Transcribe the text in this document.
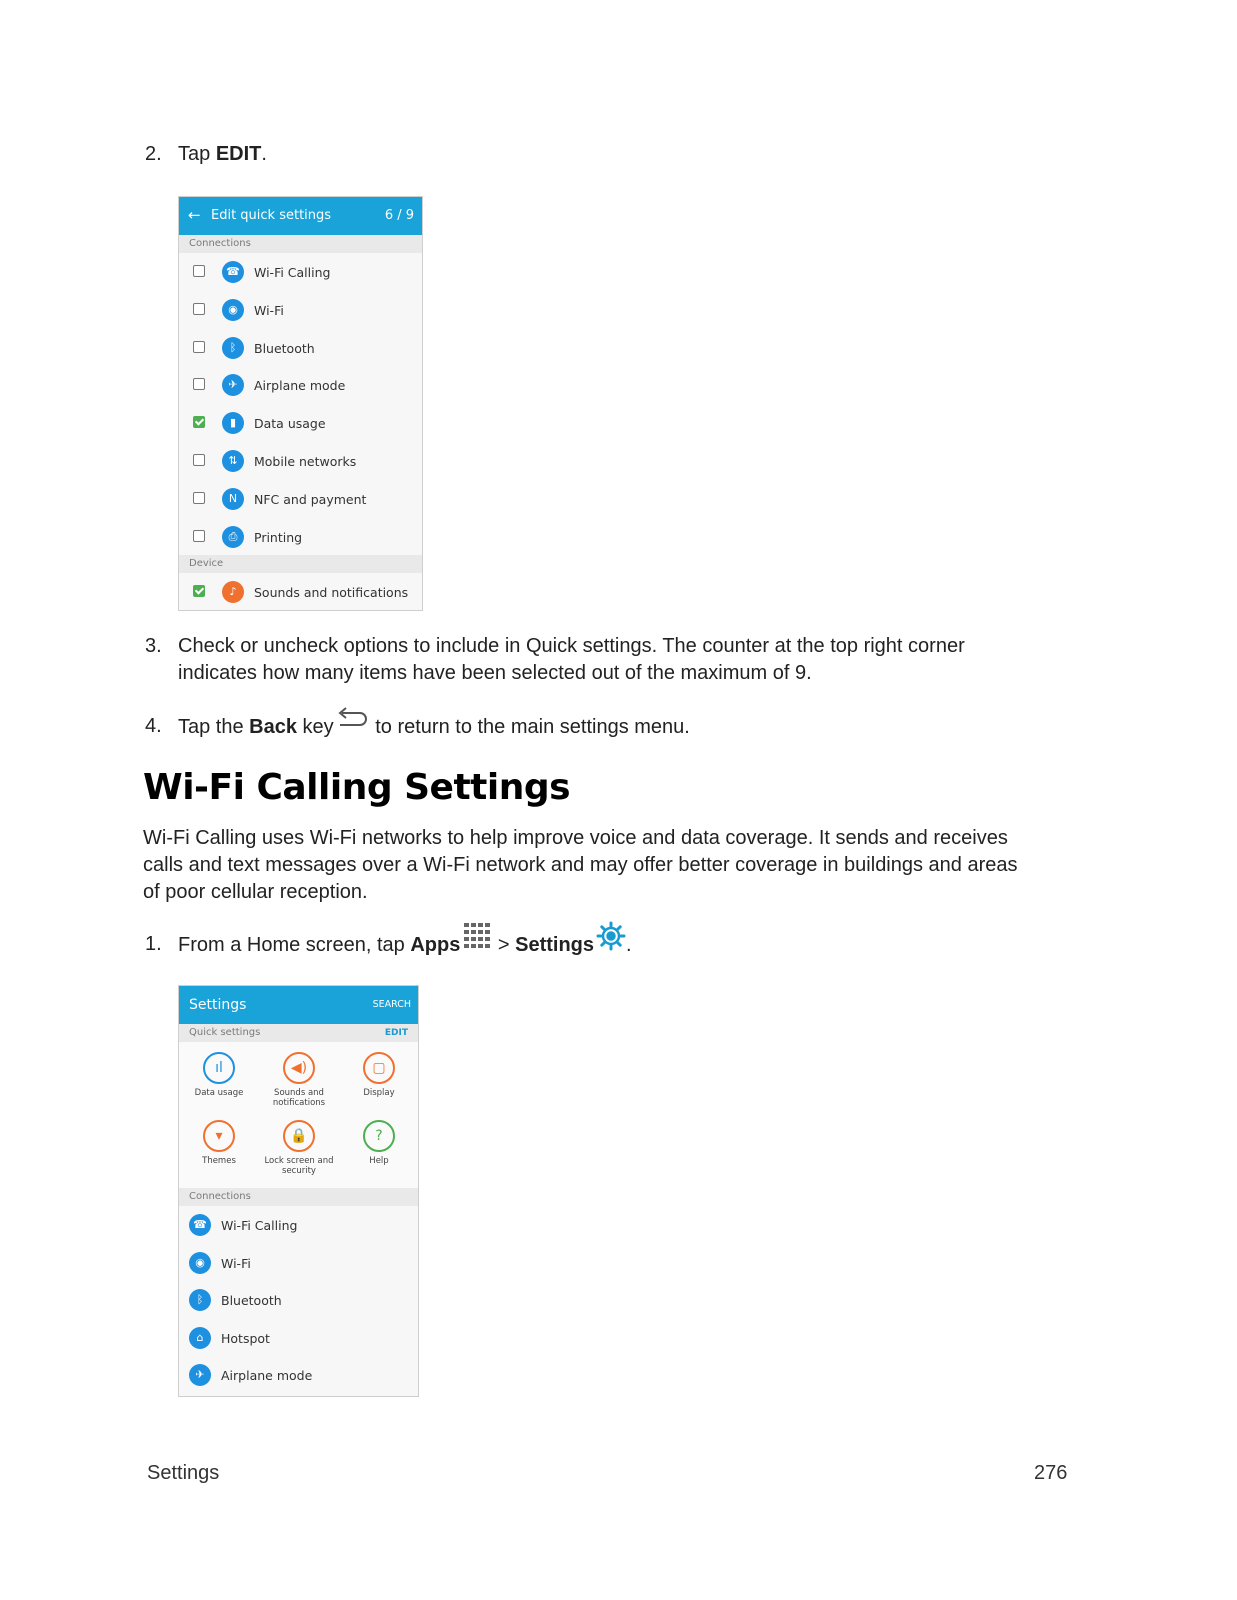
2. Tap EDIT.
← Edit quick settings	6 / 9
Connections
☎	Wi-Fi Calling
◉	Wi-Fi
ᛒ	Bluetooth
✈	Airplane mode
▮	Data usage
⇅	Mobile networks
N	NFC and payment
⎙	Printing
Device
♪	Sounds and notifications
3. Check or uncheck options to include in Quick settings. The counter at the top right corner
indicates how many items have been selected out of the maximum of 9.
4. Tap the Back key
to return to the main settings menu.
Wi-Fi Calling Settings
Wi-Fi Calling uses Wi-Fi networks to help improve voice and data coverage. It sends and receives
calls and text messages over a Wi-Fi network and may offer better coverage in buildings and areas
of poor cellular reception.
1. From a Home screen, tap Apps
> Settings .
Settings	SEARCH
Quick settings	EDIT
ıl
Data usage
◀)
Sounds and
notifications
▢
Display
▾
Themes
🔒
Lock screen and
security
?
Help
Connections
☎	Wi-Fi Calling
◉	Wi-Fi
ᛒ	Bluetooth
⌂	Hotspot
✈	Airplane mode
Settings	276
